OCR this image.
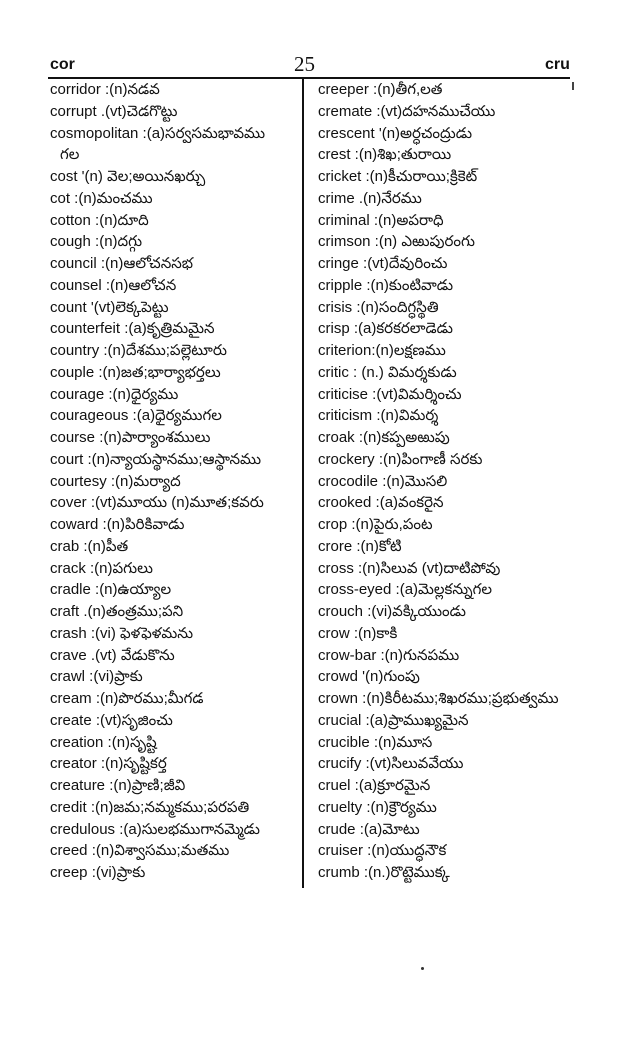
cor	25	cru
corridor :(n)నడవ
corrupt .(vt)చెడగొట్టు
cosmopolitan :(a)సర్వసమభావము
గల
cost '(n) వెల;అయినఖర్చు
cot :(n)మంచము
cotton :(n)దూది
cough :(n)దగ్గు
council :(n)ఆలోచనసభ
counsel :(n)ఆలోచన
count '(vt)లెక్కపెట్టు
counterfeit :(a)కృత్రిమమైన
country :(n)దేశము;పల్లెటూరు
couple :(n)జత;భార్యాభర్తలు
courage :(n)ధైర్యము
courageous :(a)ధైర్యముగల
course :(n)పార్యాంశములు
court :(n)న్యాయస్థానము;ఆస్థానము
courtesy :(n)మర్యాద
cover :(vt)మూయు (n)మూత;కవరు
coward :(n)పిరికివాడు
crab :(n)పీత
crack :(n)పగులు
cradle :(n)ఉయ్యాల
craft .(n)తంత్రము;పని
crash :(vi) ఫెళఫెళమను
crave .(vt) వేడుకొను
crawl :(vi)ప్రాకు
cream :(n)పొరము;మీగడ
create :(vt)సృజించు
creation :(n)సృష్టి
creator :(n)సృష్టికర్త
creature :(n)ప్రాణి;జీవి
credit :(n)జమ;నమ్మకము;పరపతి
credulous :(a)సులభముగానమ్మెడు
creed :(n)విశ్వాసము;మతము
creep :(vi)ప్రాకు
creeper :(n)తీగ,లత
cremate :(vt)దహనముచేయు
crescent '(n)అర్ధచంద్రుడు
crest :(n)శిఖ;తురాయి
cricket :(n)కీచురాయి;క్రికెట్
crime .(n)నేరము
criminal :(n)అపరాధి
crimson :(n) ఎఱుపురంగు
cringe :(vt)దేవురించు
cripple :(n)కుంటివాడు
crisis :(n)సందిగ్ధస్థితి
crisp :(a)కరకరలాడెడు
criterion:(n)లక్షణము
critic : (n.) విమర్శకుడు
criticise :(vt)విమర్శించు
criticism :(n)విమర్శ
croak :(n)కప్పఅఱుపు
crockery :(n)పింగాణీ సరకు
crocodile :(n)మొసలి
crooked :(a)వంకరైన
crop :(n)పైరు,పంట
crore :(n)కోటి
cross :(n)సిలువ (vt)దాటిపోవు
cross-eyed :(a)మెల్లకన్నుగల
crouch :(vi)వక్కియుండు
crow :(n)కాకి
crow-bar :(n)గునపము
crowd '(n)గుంపు
crown :(n)కిరీటము;శిఖరము;ప్రభుత్వము
crucial :(a)ప్రాముఖ్యమైన
crucible :(n)మూస
crucify :(vt)సిలువవేయు
cruel :(a)క్రూరమైన
cruelty :(n)క్రౌర్యము
crude :(a)మోటు
cruiser :(n)యుద్ధనౌక
crumb :(n.)రొట్టెముక్క
